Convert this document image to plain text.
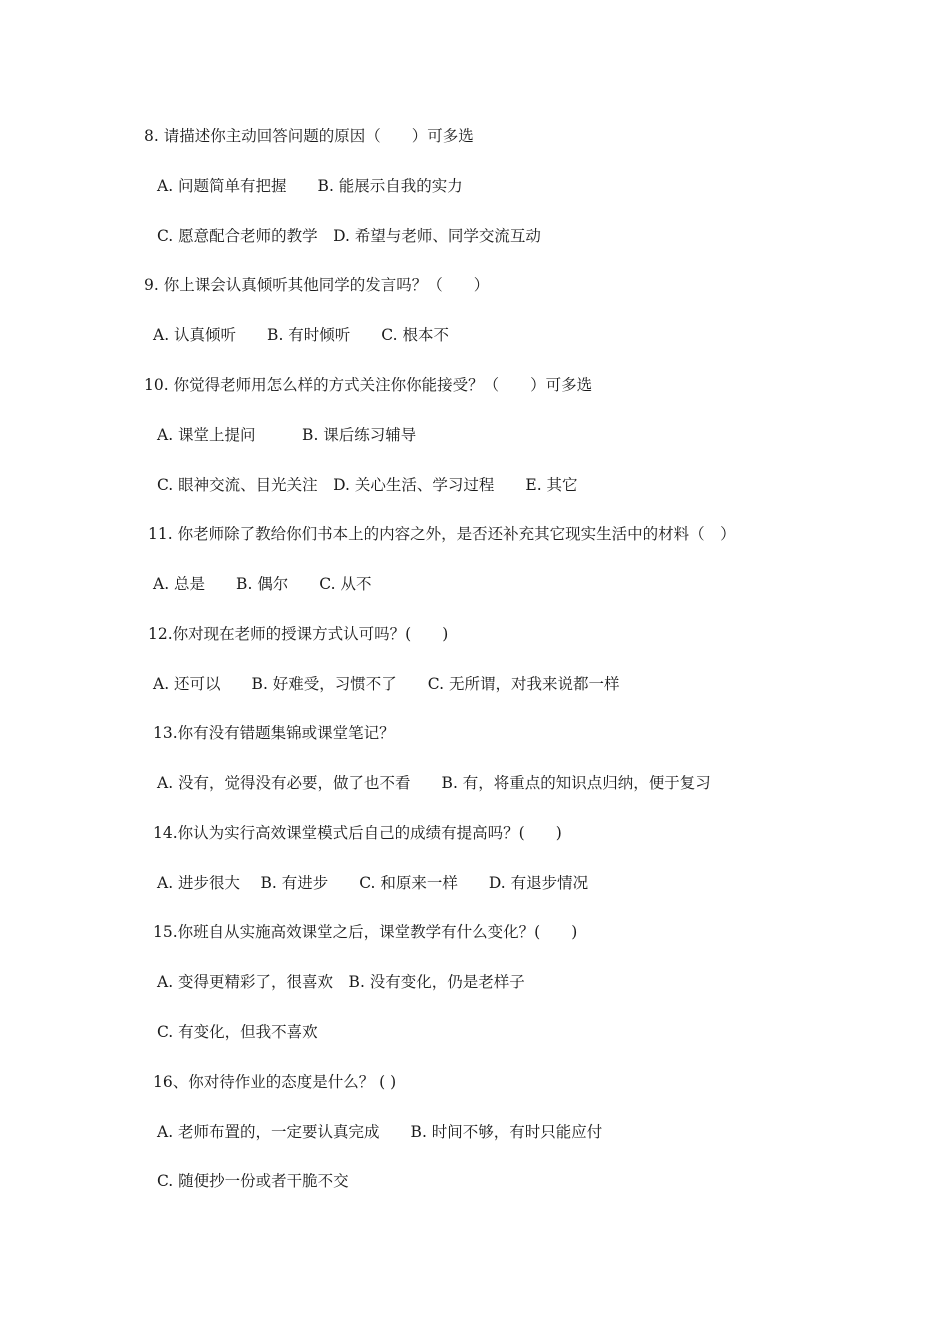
8. 请描述你主动回答问题的原因（　　）可多选
A. 问题简单有把握　　B. 能展示自我的实力
C. 愿意配合老师的教学　D. 希望与老师、同学交流互动
9. 你上课会认真倾听其他同学的发言吗？（　　）
A. 认真倾听　　B. 有时倾听　　C. 根本不
10. 你觉得老师用怎么样的方式关注你你能接受？（　　）可多选
A. 课堂上提问　　　B. 课后练习辅导
C. 眼神交流、目光关注　D. 关心生活、学习过程　　E. 其它
11. 你老师除了教给你们书本上的内容之外，是否还补充其它现实生活中的材料（　）
A. 总是　　B. 偶尔　　C. 从不
12.你对现在老师的授课方式认可吗？(　　)
A. 还可以　　B. 好难受，习惯不了　　C. 无所谓，对我来说都一样
13.你有没有错题集锦或课堂笔记？
A. 没有，觉得没有必要，做了也不看　　B. 有，将重点的知识点归纳，便于复习
14.你认为实行高效课堂模式后自己的成绩有提高吗？(　　)
A. 进步很大　 B. 有进步　　C. 和原来一样　　D. 有退步情况
15.你班自从实施高效课堂之后，课堂教学有什么变化？(　　)
A. 变得更精彩了，很喜欢　B. 没有变化，仍是老样子
C. 有变化，但我不喜欢
16、你对待作业的态度是什么？ ( )
A. 老师布置的，一定要认真完成　　B. 时间不够，有时只能应付
C. 随便抄一份或者干脆不交
